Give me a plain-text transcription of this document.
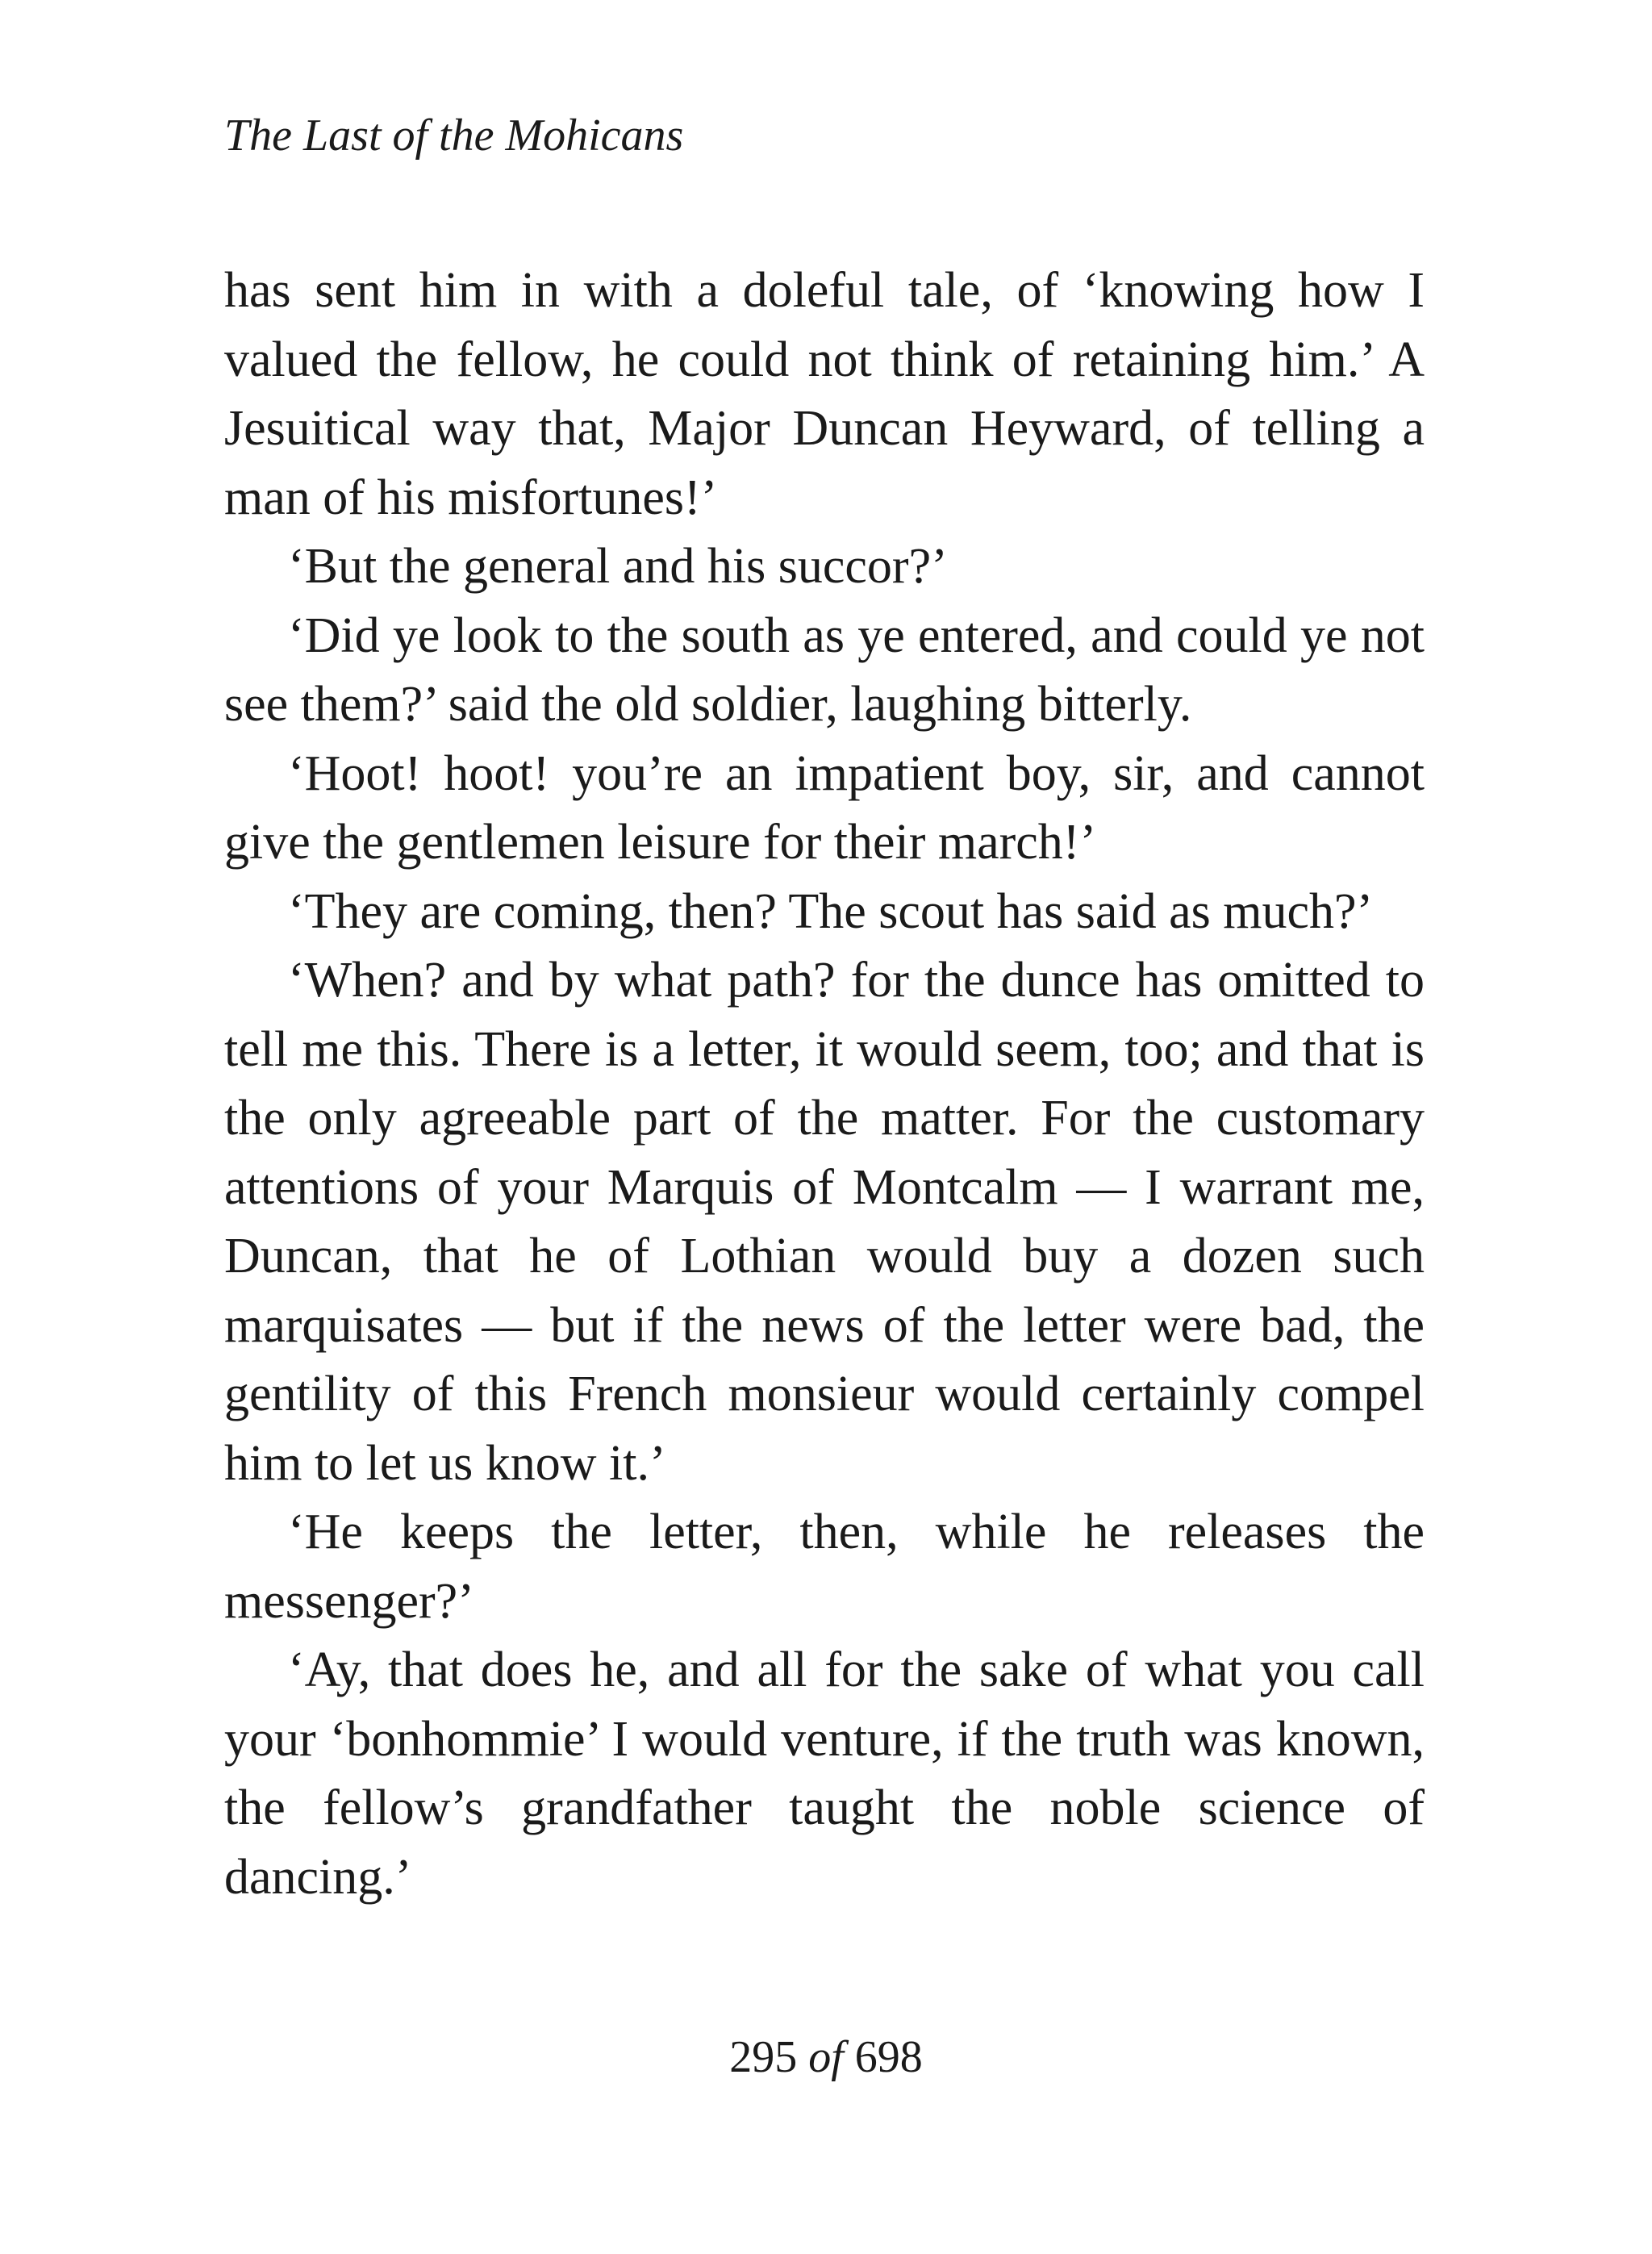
The Last of the Mohicans

has sent him in with a doleful tale, of ‘knowing how I valued the fellow, he could not think of retaining him.’ A Jesuitical way that, Major Duncan Heyward, of telling a man of his misfortunes!’

‘But the general and his succor?’

‘Did ye look to the south as ye entered, and could ye not see them?’ said the old soldier, laughing bitterly.

‘Hoot! hoot! you’re an impatient boy, sir, and cannot give the gentlemen leisure for their march!’

‘They are coming, then? The scout has said as much?’

‘When? and by what path? for the dunce has omitted to tell me this. There is a letter, it would seem, too; and that is the only agreeable part of the matter. For the customary attentions of your Marquis of Montcalm — I warrant me, Duncan, that he of Lothian would buy a dozen such marquisates — but if the news of the letter were bad, the gentility of this French monsieur would certainly compel him to let us know it.’

‘He keeps the letter, then, while he releases the messenger?’

‘Ay, that does he, and all for the sake of what you call your ‘bonhommie’ I would venture, if the truth was known, the fellow’s grandfather taught the noble science of dancing.’

295 of 698
